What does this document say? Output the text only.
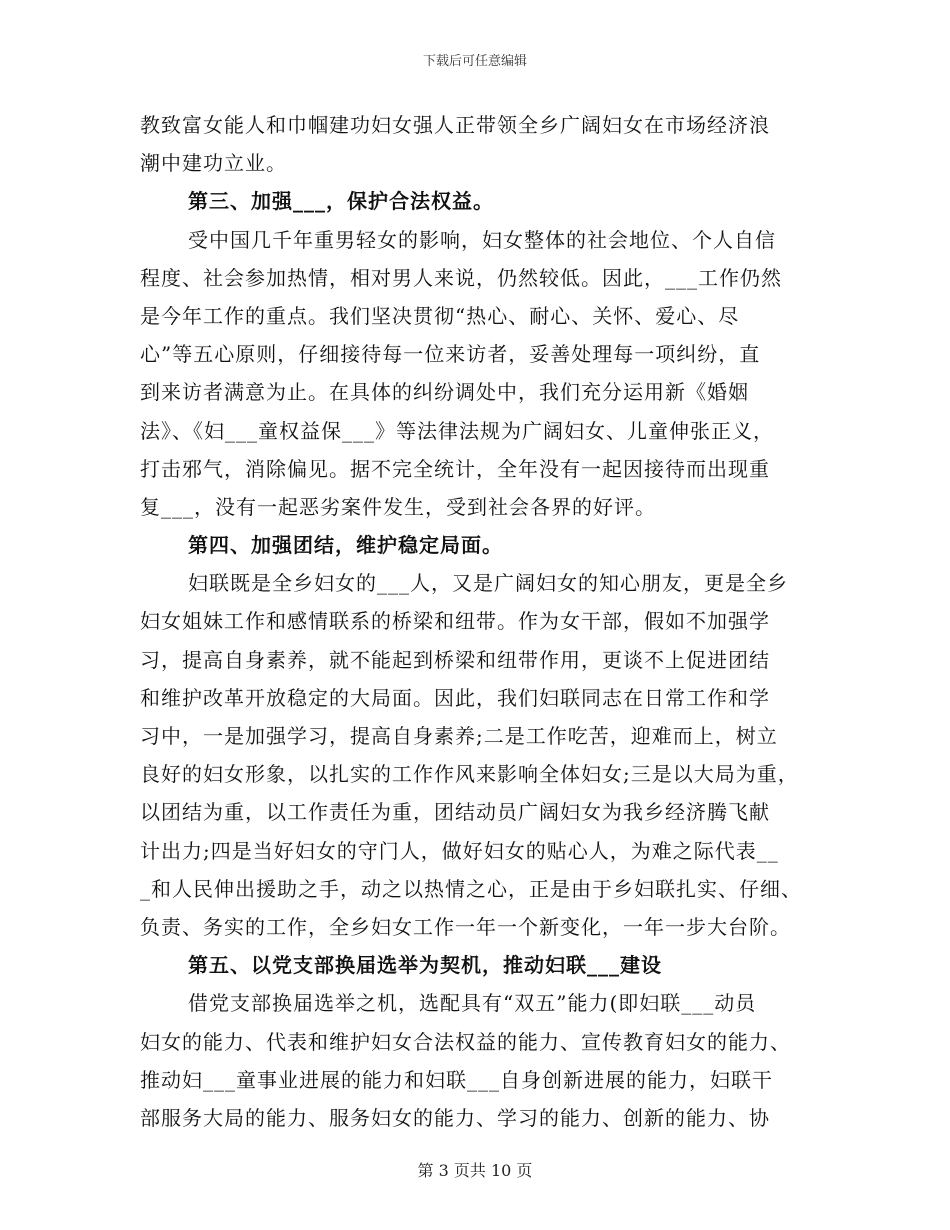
下载后可任意编辑
教致富女能人和巾帼建功妇女强人正带领全乡广阔妇女在市场经济浪
潮中建功立业。
第三、加强___，保护合法权益。
受中国几千年重男轻女的影响，妇女整体的社会地位、个人自信
程度、社会参加热情，相对男人来说，仍然较低。因此，___工作仍然
是今年工作的重点。我们坚决贯彻“热心、耐心、关怀、爱心、尽
心”等五心原则，仔细接待每一位来访者，妥善处理每一项纠纷，直
到来访者满意为止。在具体的纠纷调处中，我们充分运用新《婚姻
法》、《妇___童权益保___》等法律法规为广阔妇女、儿童伸张正义，
打击邪气，消除偏见。据不完全统计，全年没有一起因接待而出现重
复___，没有一起恶劣案件发生，受到社会各界的好评。
第四、加强团结，维护稳定局面。
妇联既是全乡妇女的___人，又是广阔妇女的知心朋友，更是全乡
妇女姐妹工作和感情联系的桥梁和纽带。作为女干部，假如不加强学
习，提高自身素养，就不能起到桥梁和纽带作用，更谈不上促进团结
和维护改革开放稳定的大局面。因此，我们妇联同志在日常工作和学
习中，一是加强学习，提高自身素养;二是工作吃苦，迎难而上，树立
良好的妇女形象，以扎实的工作作风来影响全体妇女;三是以大局为重，
以团结为重，以工作责任为重，团结动员广阔妇女为我乡经济腾飞献
计出力;四是当好妇女的守门人，做好妇女的贴心人，为难之际代表__
_和人民伸出援助之手，动之以热情之心，正是由于乡妇联扎实、仔细、
负责、务实的工作，全乡妇女工作一年一个新变化，一年一步大台阶。
第五、以党支部换届选举为契机，推动妇联___建设
借党支部换届选举之机，选配具有“双五”能力(即妇联___动员
妇女的能力、代表和维护妇女合法权益的能力、宣传教育妇女的能力、
推动妇___童事业进展的能力和妇联___自身创新进展的能力，妇联干
部服务大局的能力、服务妇女的能力、学习的能力、创新的能力、协
第 3 页共 10 页
